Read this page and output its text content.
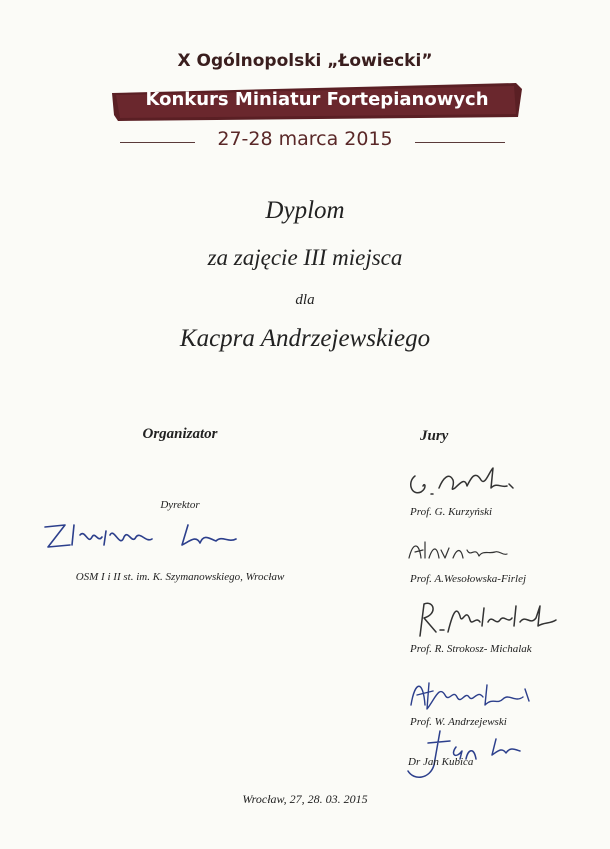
X Ogólnopolski „Łowiecki”
Konkurs Miniatur Fortepianowych
27-28 marca 2015
Dyplom
za zajęcie III miejsca
dla
Kacpra Andrzejewskiego
Organizator
Dyrektor
OSM I i II st. im. K. Szymanowskiego, Wrocław
Jury
Prof. G. Kurzyński
Prof. A.Wesołowska-Firlej
Prof. R. Strokosz- Michalak
Prof. W. Andrzejewski
Dr Jan Kubica
Wrocław, 27, 28. 03. 2015
